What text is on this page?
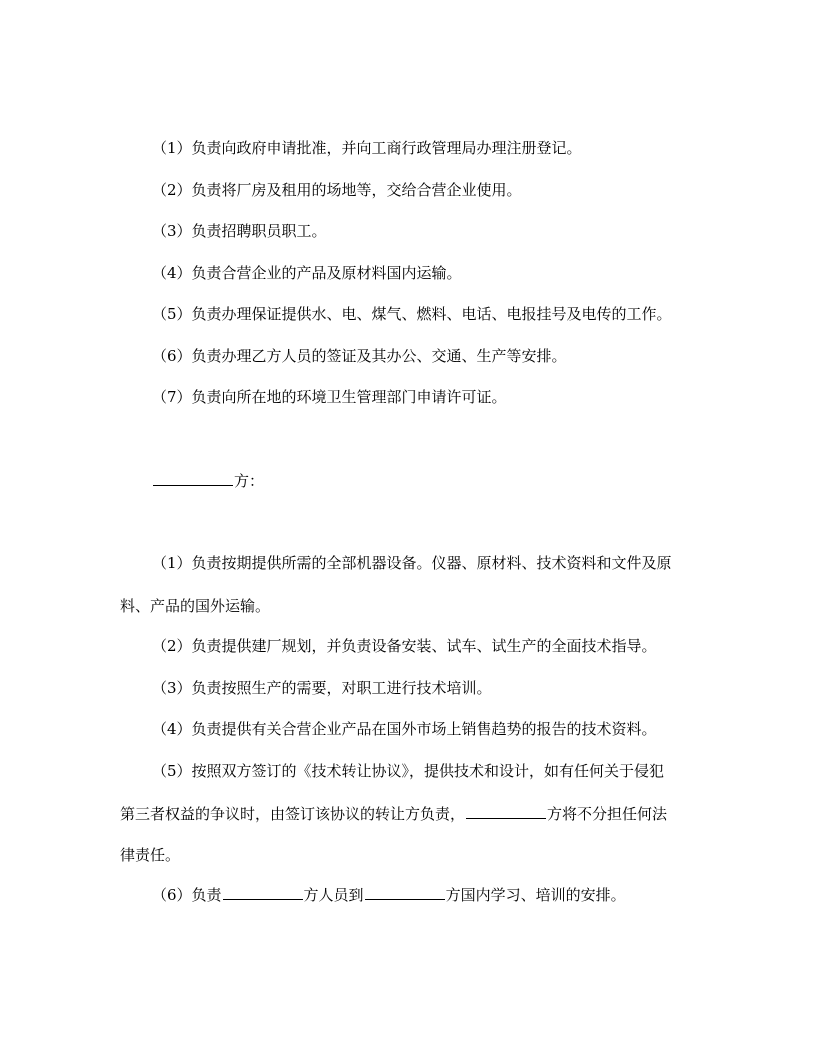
（1）负责向政府申请批准，并向工商行政管理局办理注册登记。
（2）负责将厂房及租用的场地等，交给合营企业使用。
（3）负责招聘职员职工。
（4）负责合营企业的产品及原材料国内运输。
（5）负责办理保证提供水、电、煤气、燃料、电话、电报挂号及电传的工作。
（6）负责办理乙方人员的签证及其办公、交通、生产等安排。
（7）负责向所在地的环境卫生管理部门申请许可证。
方：
（1）负责按期提供所需的全部机器设备。仪器、原材料、技术资料和文件及原
料、产品的国外运输。
（2）负责提供建厂规划，并负责设备安装、试车、试生产的全面技术指导。
（3）负责按照生产的需要，对职工进行技术培训。
（4）负责提供有关合营企业产品在国外市场上销售趋势的报告的技术资料。
（5）按照双方签订的《技术转让协议》，提供技术和设计，如有任何关于侵犯
第三者权益的争议时，由签订该协议的转让方负责，	方将不分担任何法
律责任。
（6）负责	方人员到	方国内学习、培训的安排。
